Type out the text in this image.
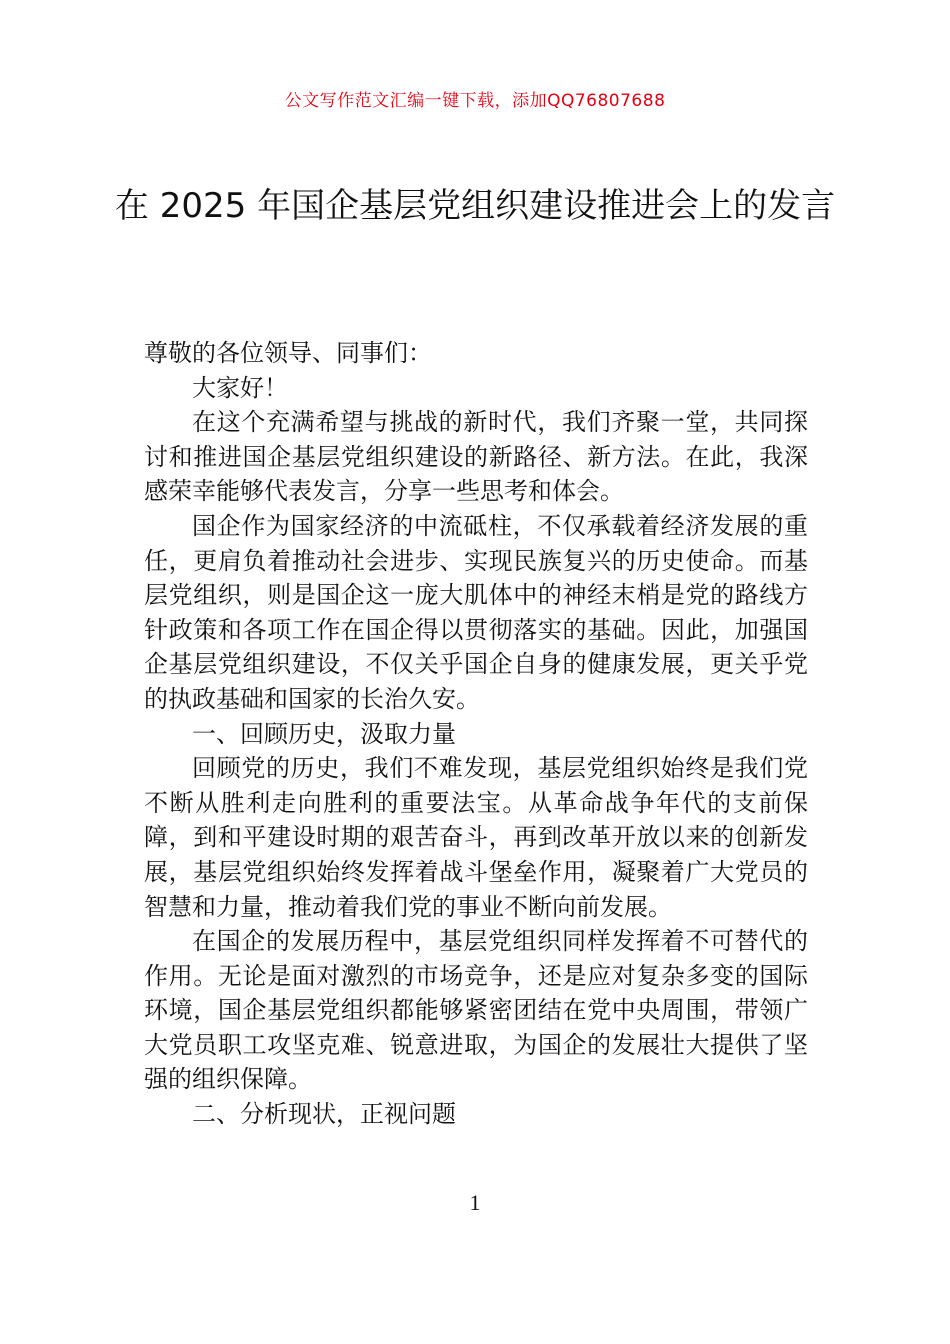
公文写作范文汇编一键下载，添加QQ76807688
在 2025 年国企基层党组织建设推进会上的发言

尊敬的各位领导、同事们：

大家好！

在这个充满希望与挑战的新时代，我们齐聚一堂，共同探讨和推进国企基层党组织建设的新路径、新方法。在此，我深感荣幸能够代表发言，分享一些思考和体会。

国企作为国家经济的中流砥柱，不仅承载着经济发展的重任，更肩负着推动社会进步、实现民族复兴的历史使命。而基层党组织，则是国企这一庞大肌体中的神经末梢是党的路线方针政策和各项工作在国企得以贯彻落实的基础。因此，加强国企基层党组织建设，不仅关乎国企自身的健康发展，更关乎党的执政基础和国家的长治久安。

一、回顾历史，汲取力量

回顾党的历史，我们不难发现，基层党组织始终是我们党不断从胜利走向胜利的重要法宝。从革命战争年代的支前保障，到和平建设时期的艰苦奋斗，再到改革开放以来的创新发展，基层党组织始终发挥着战斗堡垒作用，凝聚着广大党员的智慧和力量，推动着我们党的事业不断向前发展。

在国企的发展历程中，基层党组织同样发挥着不可替代的作用。无论是面对激烈的市场竞争，还是应对复杂多变的国际环境，国企基层党组织都能够紧密团结在党中央周围，带领广大党员职工攻坚克难、锐意进取，为国企的发展壮大提供了坚强的组织保障。

二、分析现状，正视问题

1
